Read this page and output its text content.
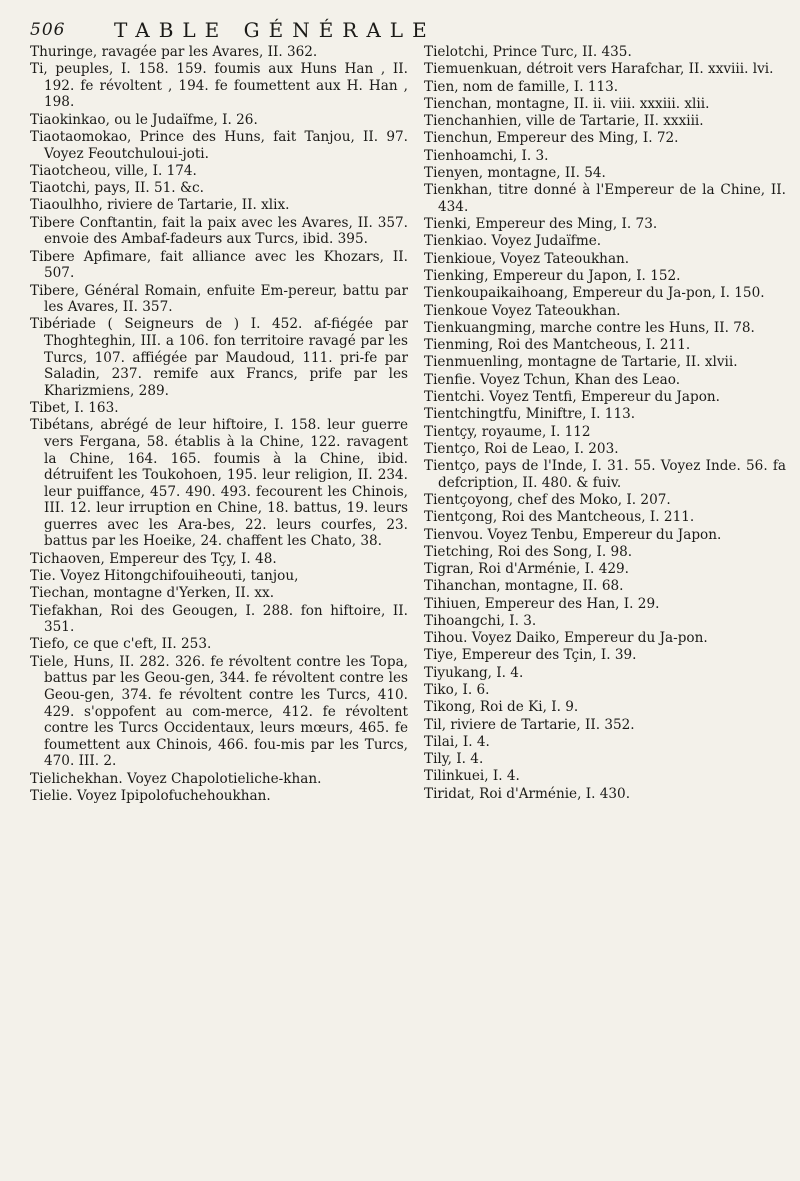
506 TABLE GÉNÉRALE

Thuringe, ravagée par les Avares, II. 362.

Ti, peuples, I. 158. 159. foumis aux Huns Han , II. 192. fe révoltent , 194. fe foumettent aux H. Han , 198.

Tiaokinkao, ou le Judaïfme, I. 26.

Tiaotaomokao, Prince des Huns, fait Tanjou, II. 97. Voyez Feoutchuloui-joti.

Tiaotcheou, ville, I. 174.

Tiaotchi, pays, II. 51. &c.

Tiaoulhho, riviere de Tartarie, II. xlix.

Tibere Conftantin, fait la paix avec les Avares, II. 357. envoie des Ambaf-fadeurs aux Turcs, ibid. 395.

Tibere Apfimare, fait alliance avec les Khozars, II. 507.

Tibere, Général Romain, enfuite Em-pereur, battu par les Avares, II. 357.

Tibériade ( Seigneurs de ) I. 452. af-fiégée par Thoghteghin, III. a 106. fon territoire ravagé par les Turcs, 107. affiégée par Maudoud, 111. pri-fe par Saladin, 237. remife aux Francs, prife par les Kharizmiens, 289.

Tibet, I. 163.

Tibétans, abrégé de leur hiftoire, I. 158. leur guerre vers Fergana, 58. établis à la Chine, 122. ravagent la Chine, 164. 165. foumis à la Chine, ibid. détruifent les Toukohoen, 195. leur religion, II. 234. leur puiffance, 457. 490. 493. fecourent les Chinois, III. 12. leur irruption en Chine, 18. battus, 19. leurs guerres avec les Ara-bes, 22. leurs courfes, 23. battus par les Hoeike, 24. chaffent les Chato, 38.

Tichaoven, Empereur des Tçy, I. 48.

Tie. Voyez Hitongchifouiheouti, tanjou,

Tiechan, montagne d'Yerken, II. xx.

Tiefakhan, Roi des Geougen, I. 288. fon hiftoire, II. 351.

Tiefo, ce que c'eft, II. 253.

Tiele, Huns, II. 282. 326. fe révoltent contre les Topa, battus par les Geou-gen, 344. fe révoltent contre les Geou-gen, 374. fe révoltent contre les Turcs, 410. 429. s'oppofent au com-merce, 412. fe révoltent contre les Turcs Occidentaux, leurs mœurs, 465. fe foumettent aux Chinois, 466. fou-mis par les Turcs, 470. III. 2.

Tielichekhan. Voyez Chapolotieliche-khan.

Tielie. Voyez Ipipolofuchehoukhan.

Tielotchi, Prince Turc, II. 435.

Tiemuenkuan, détroit vers Harafchar, II. xxviii. lvi.

Tien, nom de famille, I. 113.

Tienchan, montagne, II. ii. viii. xxxiii. xlii.

Tienchanhien, ville de Tartarie, II. xxxiii.

Tienchun, Empereur des Ming, I. 72.

Tienhoamchi, I. 3.

Tienyen, montagne, II. 54.

Tienkhan, titre donné à l'Empereur de la Chine, II. 434.

Tienki, Empereur des Ming, I. 73.

Tienkiao. Voyez Judaïfme.

Tienkioue, Voyez Tateoukhan.

Tienking, Empereur du Japon, I. 152.

Tienkoupaikaihoang, Empereur du Ja-pon, I. 150.

Tienkoue Voyez Tateoukhan.

Tienkuangming, marche contre les Huns, II. 78.

Tienming, Roi des Mantcheous, I. 211.

Tienmuenling, montagne de Tartarie, II. xlvii.

Tienfie. Voyez Tchun, Khan des Leao.

Tientchi. Voyez Tentfi, Empereur du Japon.

Tientchingtfu, Miniftre, I. 113.

Tientçy, royaume, I. 112

Tientço, Roi de Leao, I. 203.

Tientço, pays de l'Inde, I. 31. 55. Voyez Inde. 56. fa defcription, II. 480. & fuiv.

Tientçoyong, chef des Moko, I. 207.

Tientçong, Roi des Mantcheous, I. 211.

Tienvou. Voyez Tenbu, Empereur du Japon.

Tietching, Roi des Song, I. 98.

Tigran, Roi d'Arménie, I. 429.

Tihanchan, montagne, II. 68.

Tihiuen, Empereur des Han, I. 29.

Tihoangchi, I. 3.

Tihou. Voyez Daiko, Empereur du Ja-pon.

Tiye, Empereur des Tçin, I. 39.

Tiyukang, I. 4.

Tiko, I. 6.

Tikong, Roi de Ki, I. 9.

Til, riviere de Tartarie, II. 352.

Tilai, I. 4.

Tily, I. 4.

Tilinkuei, I. 4.

Tiridat, Roi d'Arménie, I. 430.
